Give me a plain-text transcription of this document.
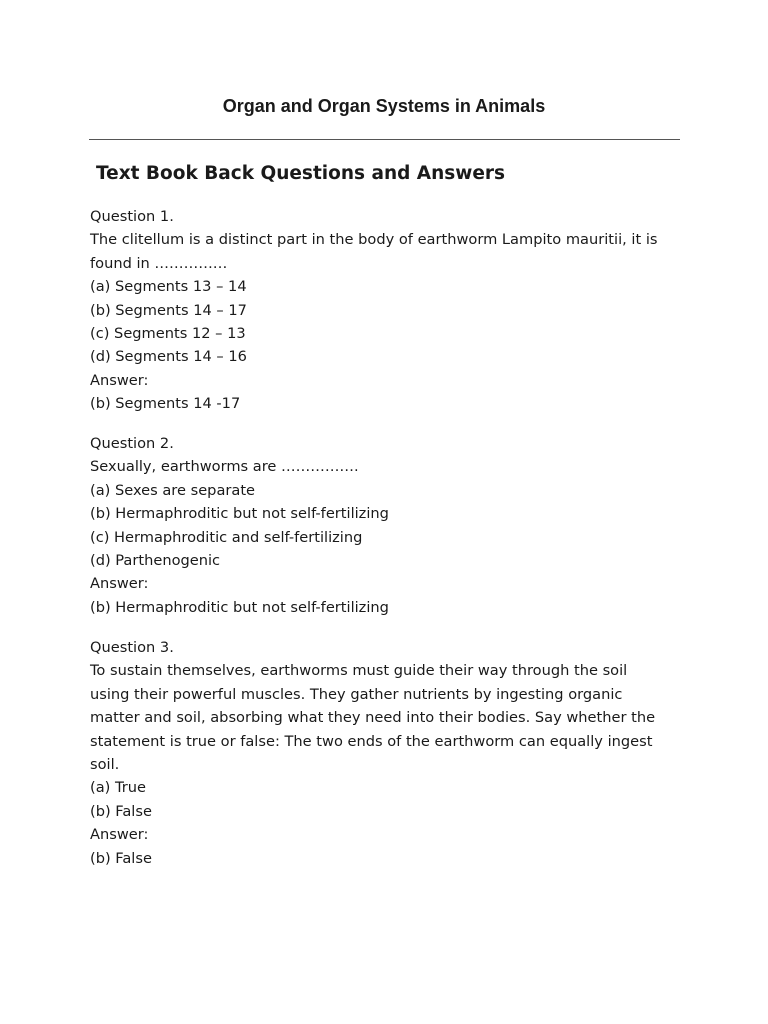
Organ and Organ Systems in Animals
Text Book Back Questions and Answers
Question 1.
The clitellum is a distinct part in the body of earthworm Lampito mauritii, it is
found in ……………
(a) Segments 13 – 14
(b) Segments 14 – 17
(c) Segments 12 – 13
(d) Segments 14 – 16
Answer:
(b) Segments 14 -17
Question 2.
Sexually, earthworms are …………….
(a) Sexes are separate
(b) Hermaphroditic but not self-fertilizing
(c) Hermaphroditic and self-fertilizing
(d) Parthenogenic
Answer:
(b) Hermaphroditic but not self-fertilizing
Question 3.
To sustain themselves, earthworms must guide their way through the soil
using their powerful muscles. They gather nutrients by ingesting organic
matter and soil, absorbing what they need into their bodies. Say whether the
statement is true or false: The two ends of the earthworm can equally ingest
soil.
(a) True
(b) False
Answer:
(b) False
